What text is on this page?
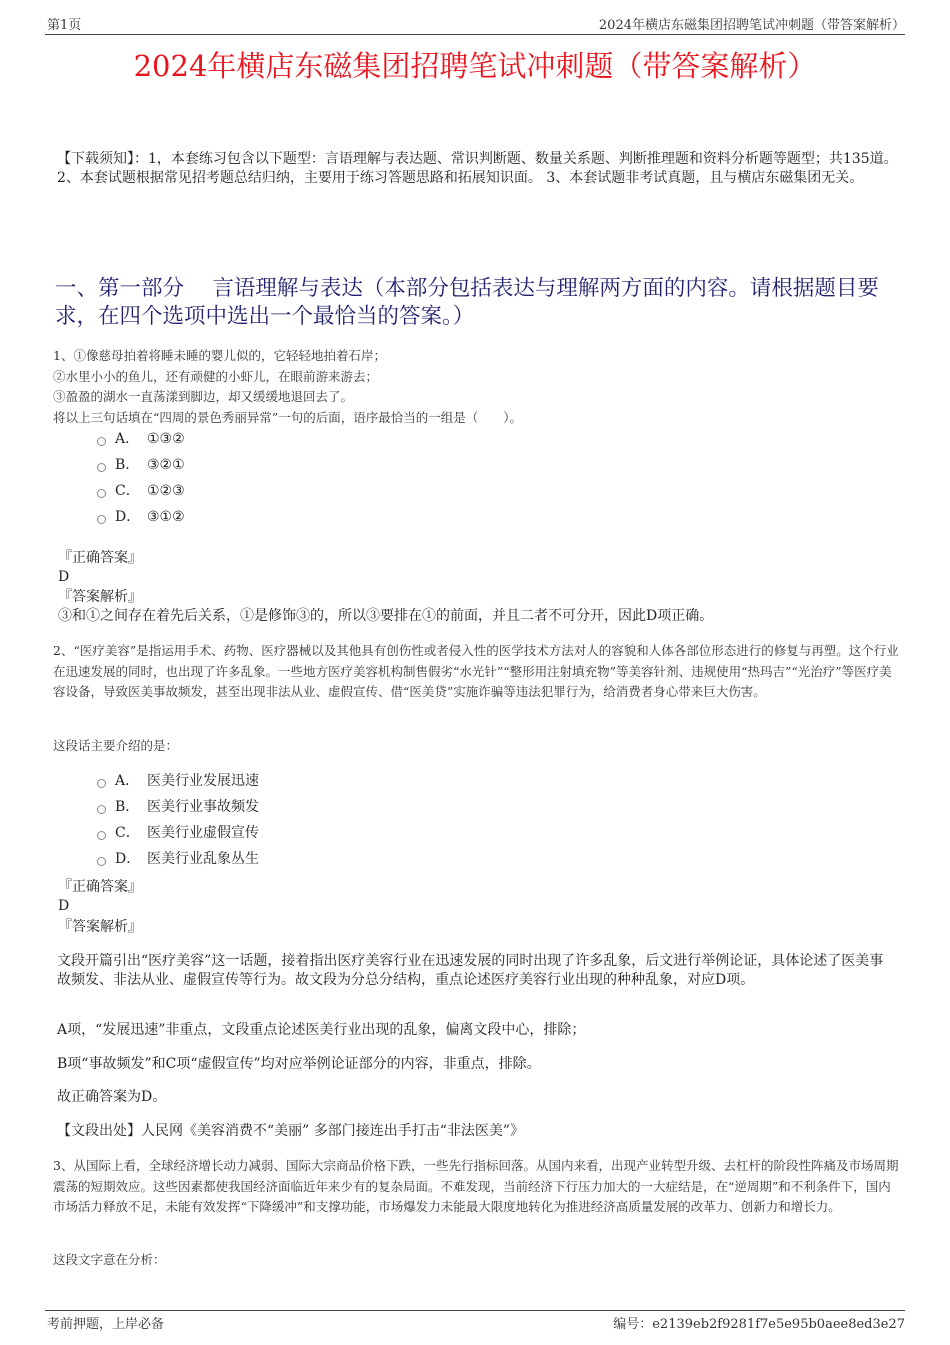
第1页	2024年横店东磁集团招聘笔试冲刺题（带答案解析）
2024年横店东磁集团招聘笔试冲刺题（带答案解析）
【下载须知】：1，本套练习包含以下题型：言语理解与表达题、常识判断题、数量关系题、判断推理题和资料分析题等题型；共135道。 2、本套试题根据常见招考题总结归纳，主要用于练习答题思路和拓展知识面。 3、本套试题非考试真题，且与横店东磁集团无关。
一、第一部分　 言语理解与表达（本部分包括表达与理解两方面的内容。请根据题目要求，在四个选项中选出一个最恰当的答案。）
1、①像慈母拍着将睡未睡的婴儿似的，它轻轻地拍着石岸；
②水里小小的鱼儿，还有顽健的小虾儿，在眼前游来游去；
③盈盈的湖水一直荡漾到脚边，却又缓缓地退回去了。
将以上三句话填在“四周的景色秀丽异常”一句的后面，语序最恰当的一组是（　　）。
A． ①③②
B． ③②①
C． ①②③
D． ③①②
『正确答案』
D
『答案解析』
③和①之间存在着先后关系，①是修饰③的，所以③要排在①的前面，并且二者不可分开，因此D项正确。
2、“医疗美容”是指运用手术、药物、医疗器械以及其他具有创伤性或者侵入性的医学技术方法对人的容貌和人体各部位形态进行的修复与再塑。这个行业在迅速发展的同时，也出现了许多乱象。一些地方医疗美容机构制售假劣“水光针”“整形用注射填充物”等美容针剂、违规使用“热玛吉”“光治疗”等医疗美容设备，导致医美事故频发，甚至出现非法从业、虚假宣传、借“医美贷”实施诈骗等违法犯罪行为，给消费者身心带来巨大伤害。
这段话主要介绍的是：
A． 医美行业发展迅速
B． 医美行业事故频发
C． 医美行业虚假宣传
D． 医美行业乱象丛生
『正确答案』
D
『答案解析』
文段开篇引出“医疗美容”这一话题，接着指出医疗美容行业在迅速发展的同时出现了许多乱象，后文进行举例论证，具体论述了医美事故频发、非法从业、虚假宣传等行为。故文段为分总分结构，重点论述医疗美容行业出现的种种乱象，对应D项。
A项，“发展迅速”非重点，文段重点论述医美行业出现的乱象，偏离文段中心，排除；
B项“事故频发”和C项“虚假宣传”均对应举例论证部分的内容，非重点，排除。
故正确答案为D。
【文段出处】人民网《美容消费不“美丽” 多部门接连出手打击“非法医美”》
3、从国际上看，全球经济增长动力减弱、国际大宗商品价格下跌，一些先行指标回落。从国内来看，出现产业转型升级、去杠杆的阶段性阵痛及市场周期震荡的短期效应。这些因素都使我国经济面临近年来少有的复杂局面。不难发现，当前经济下行压力加大的一大症结是，在“逆周期”和不利条件下，国内市场活力释放不足，未能有效发挥“下降缓冲”和支撑功能，市场爆发力未能最大限度地转化为推进经济高质量发展的改革力、创新力和增长力。
这段文字意在分析：
考前押题，上岸必备	编号：e2139eb2f9281f7e5e95b0aee8ed3e27
